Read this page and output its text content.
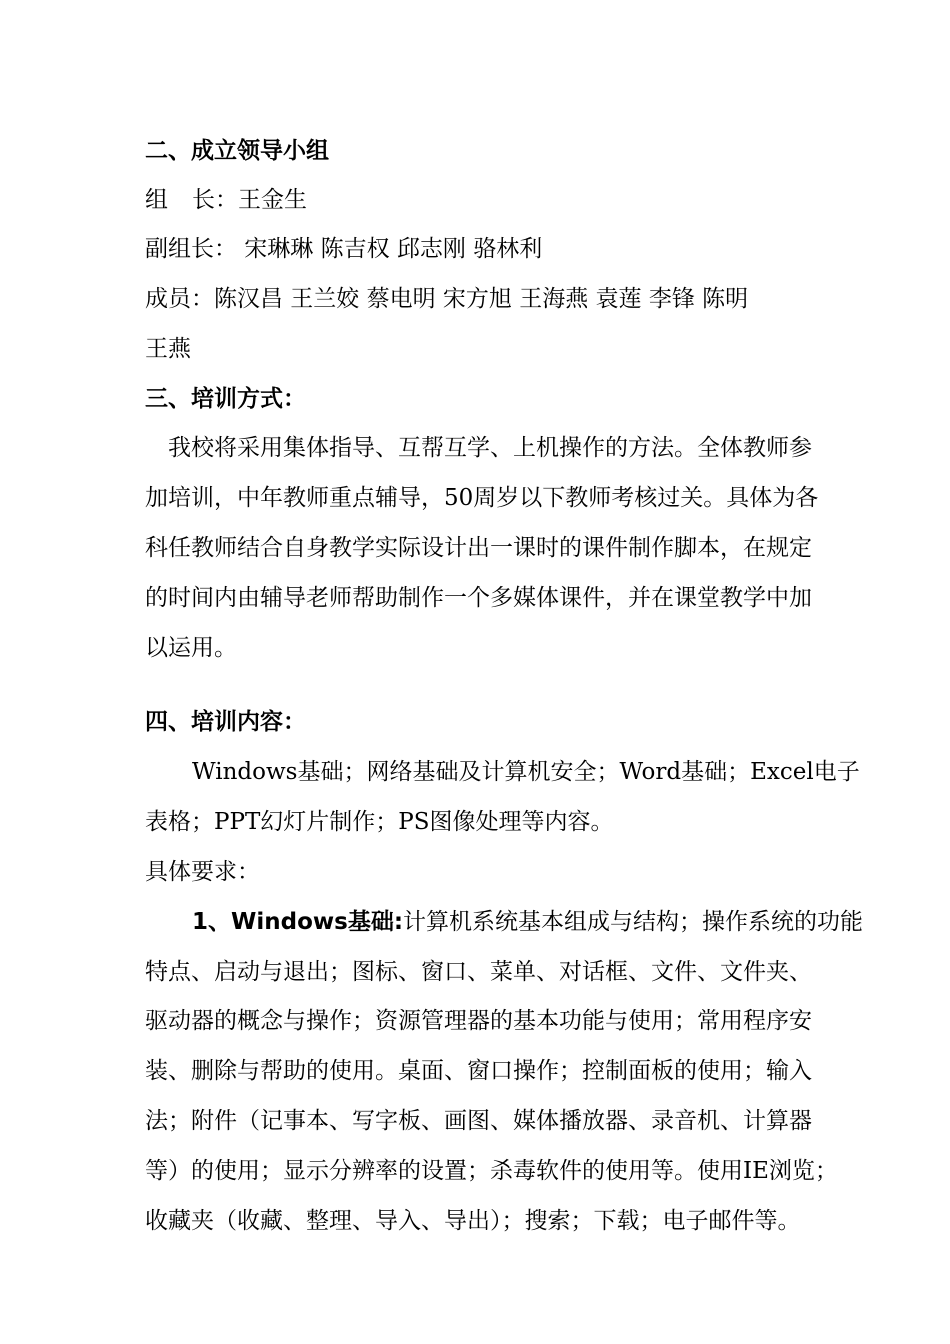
二、成立领导小组
组 长：王金生
副组长： 宋琳琳 陈吉权 邱志刚 骆林利
成员：陈汉昌 王兰姣 蔡电明 宋方旭 王海燕 袁莲 李锋 陈明
王燕
三、培训方式：
我校将采用集体指导、互帮互学、上机操作的方法。全体教师参
加培训，中年教师重点辅导，50周岁以下教师考核过关。具体为各
科任教师结合自身教学实际设计出一课时的课件制作脚本，在规定
的时间内由辅导老师帮助制作一个多媒体课件，并在课堂教学中加
以运用。
四、培训内容：
Windows基础；网络基础及计算机安全；Word基础；Excel电子
表格；PPT幻灯片制作；PS图像处理等内容。
具体要求：
1、Windows基础:计算机系统基本组成与结构；操作系统的功能
特点、启动与退出；图标、窗口、菜单、对话框、文件、文件夹、
驱动器的概念与操作；资源管理器的基本功能与使用；常用程序安
装、删除与帮助的使用。桌面、窗口操作；控制面板的使用；输入
法；附件（记事本、写字板、画图、媒体播放器、录音机、计算器
等）的使用；显示分辨率的设置；杀毒软件的使用等。使用IE浏览；
收藏夹（收藏、整理、导入、导出）；搜索；下载；电子邮件等。
